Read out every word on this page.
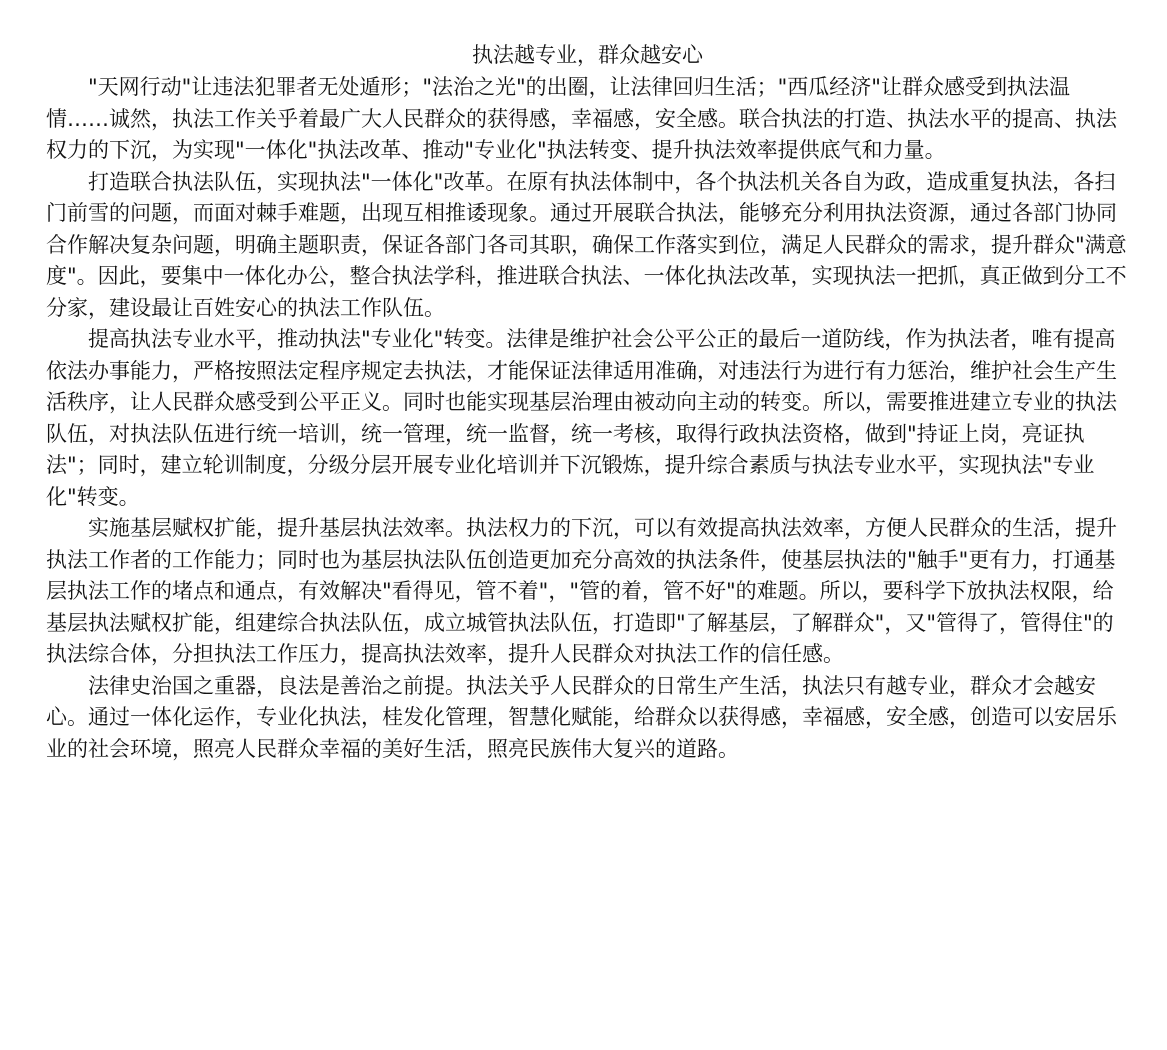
执法越专业，群众越安心

"天网行动"让违法犯罪者无处遁形；"法治之光"的出圈，让法律回归生活；"西瓜经济"让群众感受到执法温情……诚然，执法工作关乎着最广大人民群众的获得感，幸福感，安全感。联合执法的打造、执法水平的提高、执法权力的下沉，为实现"一体化"执法改革、推动"专业化"执法转变、提升执法效率提供底气和力量。

打造联合执法队伍，实现执法"一体化"改革。在原有执法体制中，各个执法机关各自为政，造成重复执法，各扫门前雪的问题，而面对棘手难题，出现互相推诿现象。通过开展联合执法，能够充分利用执法资源，通过各部门协同合作解决复杂问题，明确主题职责，保证各部门各司其职，确保工作落实到位，满足人民群众的需求，提升群众"满意度"。因此，要集中一体化办公，整合执法学科，推进联合执法、一体化执法改革，实现执法一把抓，真正做到分工不分家，建设最让百姓安心的执法工作队伍。

提高执法专业水平，推动执法"专业化"转变。法律是维护社会公平公正的最后一道防线，作为执法者，唯有提高依法办事能力，严格按照法定程序规定去执法，才能保证法律适用准确，对违法行为进行有力惩治，维护社会生产生活秩序，让人民群众感受到公平正义。同时也能实现基层治理由被动向主动的转变。所以，需要推进建立专业的执法队伍，对执法队伍进行统一培训，统一管理，统一监督，统一考核，取得行政执法资格，做到"持证上岗，亮证执法"；同时，建立轮训制度，分级分层开展专业化培训并下沉锻炼，提升综合素质与执法专业水平，实现执法"专业化"转变。

实施基层赋权扩能，提升基层执法效率。执法权力的下沉，可以有效提高执法效率，方便人民群众的生活，提升执法工作者的工作能力；同时也为基层执法队伍创造更加充分高效的执法条件，使基层执法的"触手"更有力，打通基层执法工作的堵点和通点，有效解决"看得见，管不着"，"管的着，管不好"的难题。所以，要科学下放执法权限，给基层执法赋权扩能，组建综合执法队伍，成立城管执法队伍，打造即"了解基层，了解群众"，又"管得了，管得住"的执法综合体，分担执法工作压力，提高执法效率，提升人民群众对执法工作的信任感。

法律史治国之重器，良法是善治之前提。执法关乎人民群众的日常生产生活，执法只有越专业，群众才会越安心。通过一体化运作，专业化执法，桂发化管理，智慧化赋能，给群众以获得感，幸福感，安全感，创造可以安居乐业的社会环境，照亮人民群众幸福的美好生活，照亮民族伟大复兴的道路。
